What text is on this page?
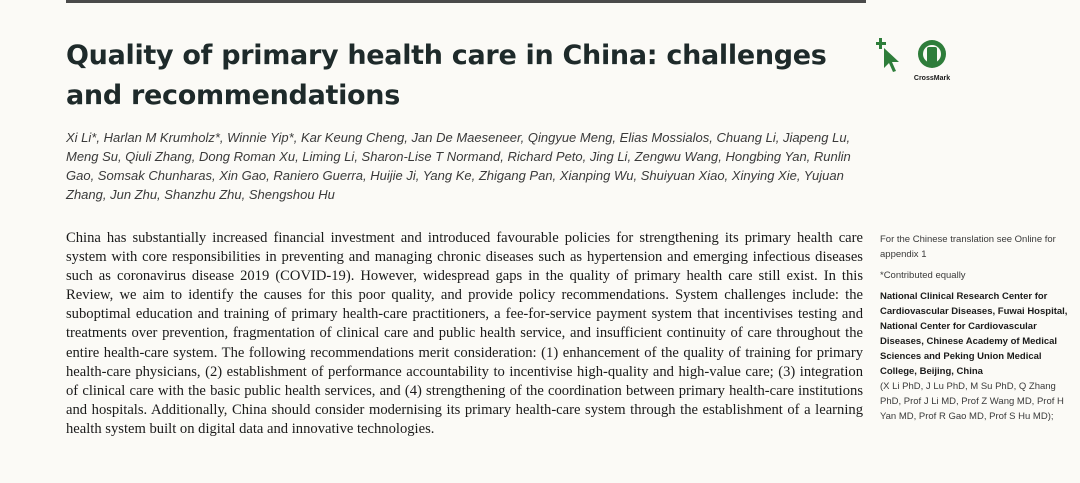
Quality of primary health care in China: challenges and recommendations
CrossMark

Xi Li*, Harlan M Krumholz*, Winnie Yip*, Kar Keung Cheng, Jan De Maeseneer, Qingyue Meng, Elias Mossialos, Chuang Li, Jiapeng Lu, Meng Su, Qiuli Zhang, Dong Roman Xu, Liming Li, Sharon-Lise T Normand, Richard Peto, Jing Li, Zengwu Wang, Hongbing Yan, Runlin Gao, Somsak Chunharas, Xin Gao, Raniero Guerra, Huijie Ji, Yang Ke, Zhigang Pan, Xianping Wu, Shuiyuan Xiao, Xinying Xie, Yujuan Zhang, Jun Zhu, Shanzhu Zhu, Shengshou Hu

China has substantially increased financial investment and introduced favourable policies for strengthening its primary health care system with core responsibilities in preventing and managing chronic diseases such as hypertension and emerging infectious diseases such as coronavirus disease 2019 (COVID-19). However, widespread gaps in the quality of primary health care still exist. In this Review, we aim to identify the causes for this poor quality, and provide policy recommendations. System challenges include: the suboptimal education and training of primary health-care practitioners, a fee-for-service payment system that incentivises testing and treatments over prevention, fragmentation of clinical care and public health service, and insufficient continuity of care throughout the entire health-care system. The following recommendations merit consideration: (1) enhancement of the quality of training for primary health-care physicians, (2) establishment of performance accountability to incentivise high-quality and high-value care; (3) integration of clinical care with the basic public health services, and (4) strengthening of the coordination between primary health-care institutions and hospitals. Additionally, China should consider modernising its primary health-care system through the establishment of a learning health system built on digital data and innovative technologies.

For the Chinese translation see Online for appendix 1

*Contributed equally

National Clinical Research Center for Cardiovascular Diseases, Fuwai Hospital, National Center for Cardiovascular Diseases, Chinese Academy of Medical Sciences and Peking Union Medical College, Beijing, China

(X Li PhD, J Lu PhD, M Su PhD, Q Zhang PhD, Prof J Li MD, Prof Z Wang MD, Prof H Yan MD, Prof R Gao MD, Prof S Hu MD);
